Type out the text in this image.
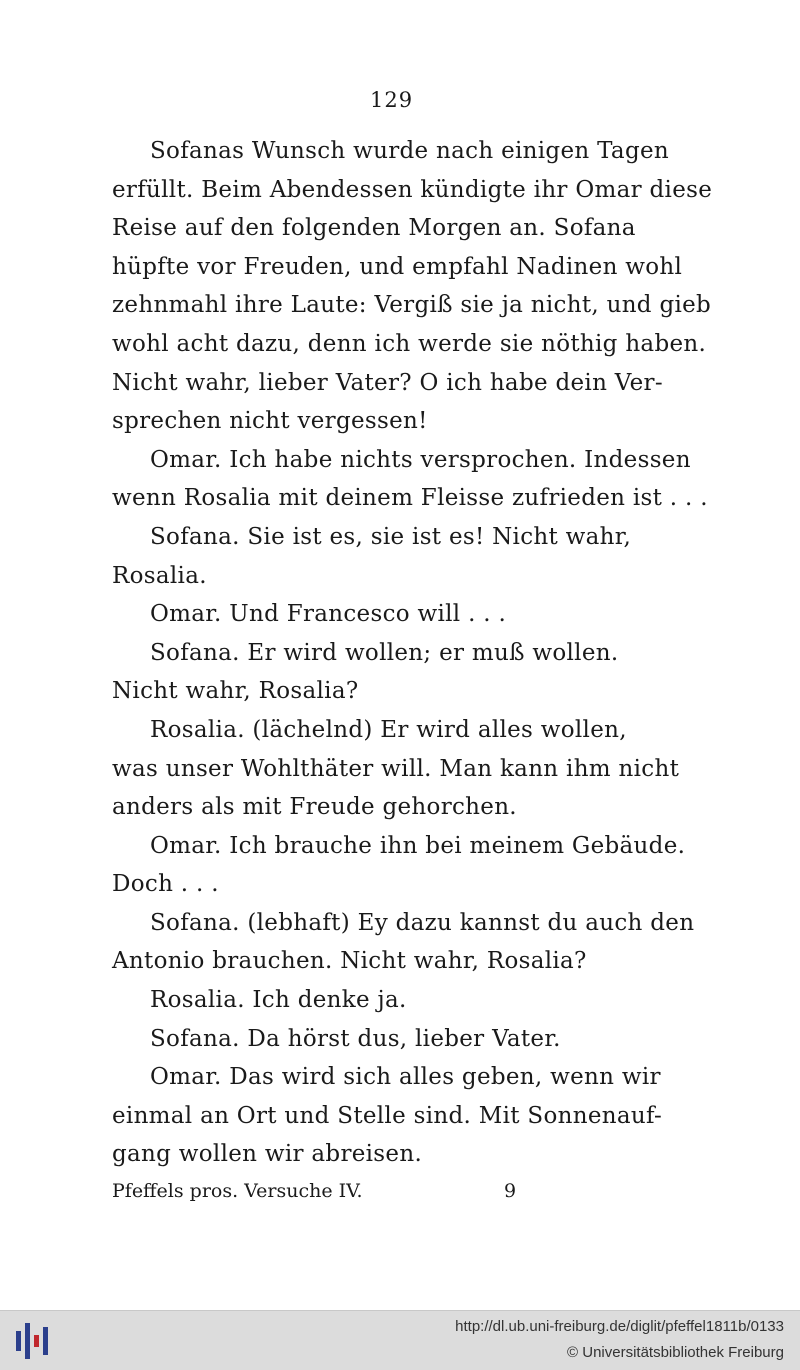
129
Sofanas Wunsch wurde nach einigen Tagen
erfüllt. Beim Abendessen kündigte ihr Omar diese
Reise auf den folgenden Morgen an. Sofana
hüpfte vor Freuden, und empfahl Nadinen wohl
zehnmahl ihre Laute: Vergiß sie ja nicht, und gieb
wohl acht dazu, denn ich werde sie nöthig haben.
Nicht wahr, lieber Vater? O ich habe dein Ver-
sprechen nicht vergessen!
Omar. Ich habe nichts versprochen. Indessen
wenn Rosalia mit deinem Fleisse zufrieden ist . . .
Sofana. Sie ist es, sie ist es! Nicht wahr,
Rosalia.
Omar. Und Francesco will . . .
Sofana. Er wird wollen; er muß wollen.
Nicht wahr, Rosalia?
Rosalia. (lächelnd) Er wird alles wollen,
was unser Wohlthäter will. Man kann ihm nicht
anders als mit Freude gehorchen.
Omar. Ich brauche ihn bei meinem Gebäude.
Doch . . .
Sofana. (lebhaft) Ey dazu kannst du auch den
Antonio brauchen. Nicht wahr, Rosalia?
Rosalia. Ich denke ja.
Sofana. Da hörst dus, lieber Vater.
Omar. Das wird sich alles geben, wenn wir
einmal an Ort und Stelle sind. Mit Sonnenauf-
gang wollen wir abreisen.
Pfeffels pros. Versuche IV.	9
http://dl.ub.uni-freiburg.de/diglit/pfeffel1811b/0133
© Universitätsbibliothek Freiburg
